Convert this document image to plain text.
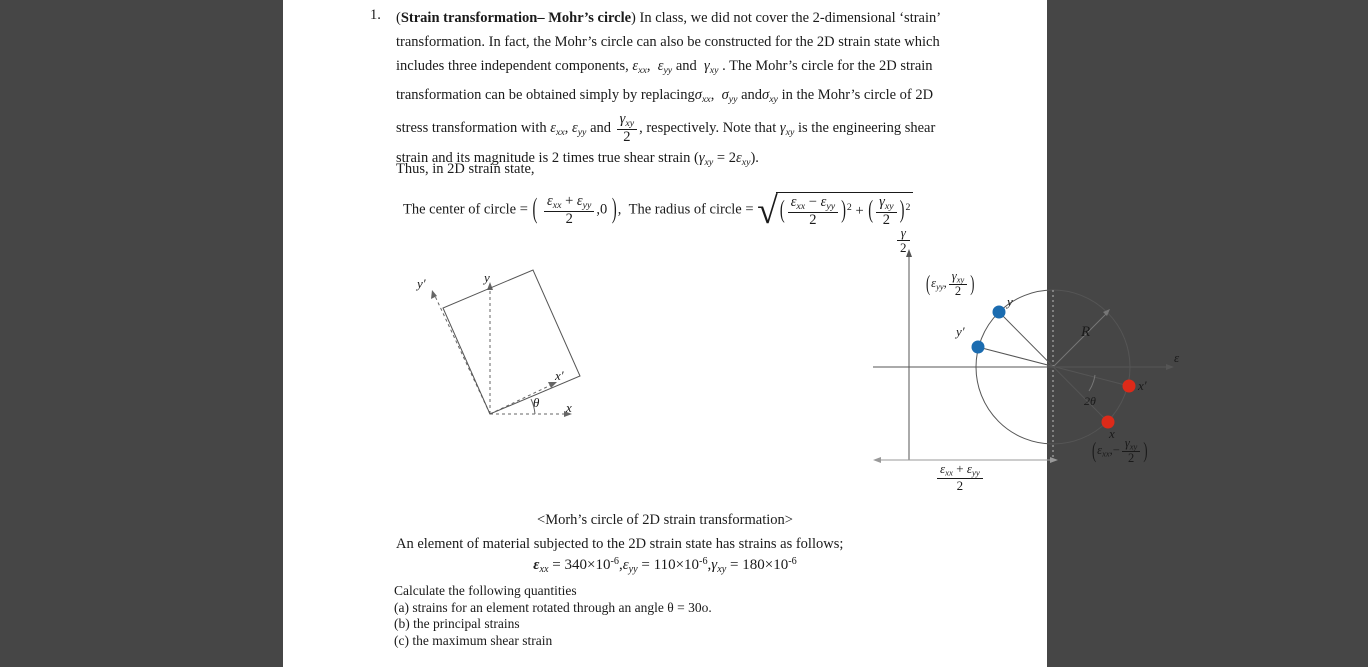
1. (Strain transformation– Mohr’s circle) In class, we did not cover the 2-dimensional ‘strain’ transformation. In fact, the Mohr’s circle can also be constructed for the 2D strain state which includes three independent components, $\varepsilon_{xx}$,  $\varepsilon_{yy}$ and $\gamma_{xy}$ . The Mohr’s circle for the 2D strain transformation can be obtained simply by replacingσ$_{xx}$,  $\sigma_{yy}$ andσ$_{xy}$ in the Mohr’s circle of 2D stress transformation with $\varepsilon_{xx}$, $\varepsilon_{yy}$ and $\frac{\gamma_{xy}}{2}$ , respectively. Note that $\gamma_{xy}$ is the engineering shear strain and its magnitude is 2 times true shear strain $(\gamma_{xy} = 2\varepsilon_{xy})$.
Thus, in 2D strain state,
The center of circle = ( $\frac{\varepsilon_{xx} + \varepsilon_{yy}}{2} ,0$ ), The radius of circle = √ ( $\frac{\varepsilon_{xx} - \varepsilon_{yy}}{2} )^2$ + ( $\frac{\gamma_{xy}}{2} )^2$
y
x
y′
x′
θ
$\frac{\gamma}{2}$
ε
R
2θ
y
y′
x
x′
($\varepsilon_{yy}$, $\frac{\gamma_{xy}}{2}$ )
($\varepsilon_{xx},- \frac{\gamma_{xy}}{2}$ )
$\frac{\varepsilon_{xx} + \varepsilon_{yy}}{2}$
<Morh’s circle of 2D strain transformation>
An element of material subjected to the 2D strain state has strains as follows;
$\varepsilon_{xx} = 340\times 10^{-6},\varepsilon_{yy} = 110\times 10^{-6},\gamma_{xy} = 180\times 10^{-6}$
Calculate the following quantities
(a) strains for an element rotated through an angle θ = 30o.
(b) the principal strains
(c) the maximum shear strain
